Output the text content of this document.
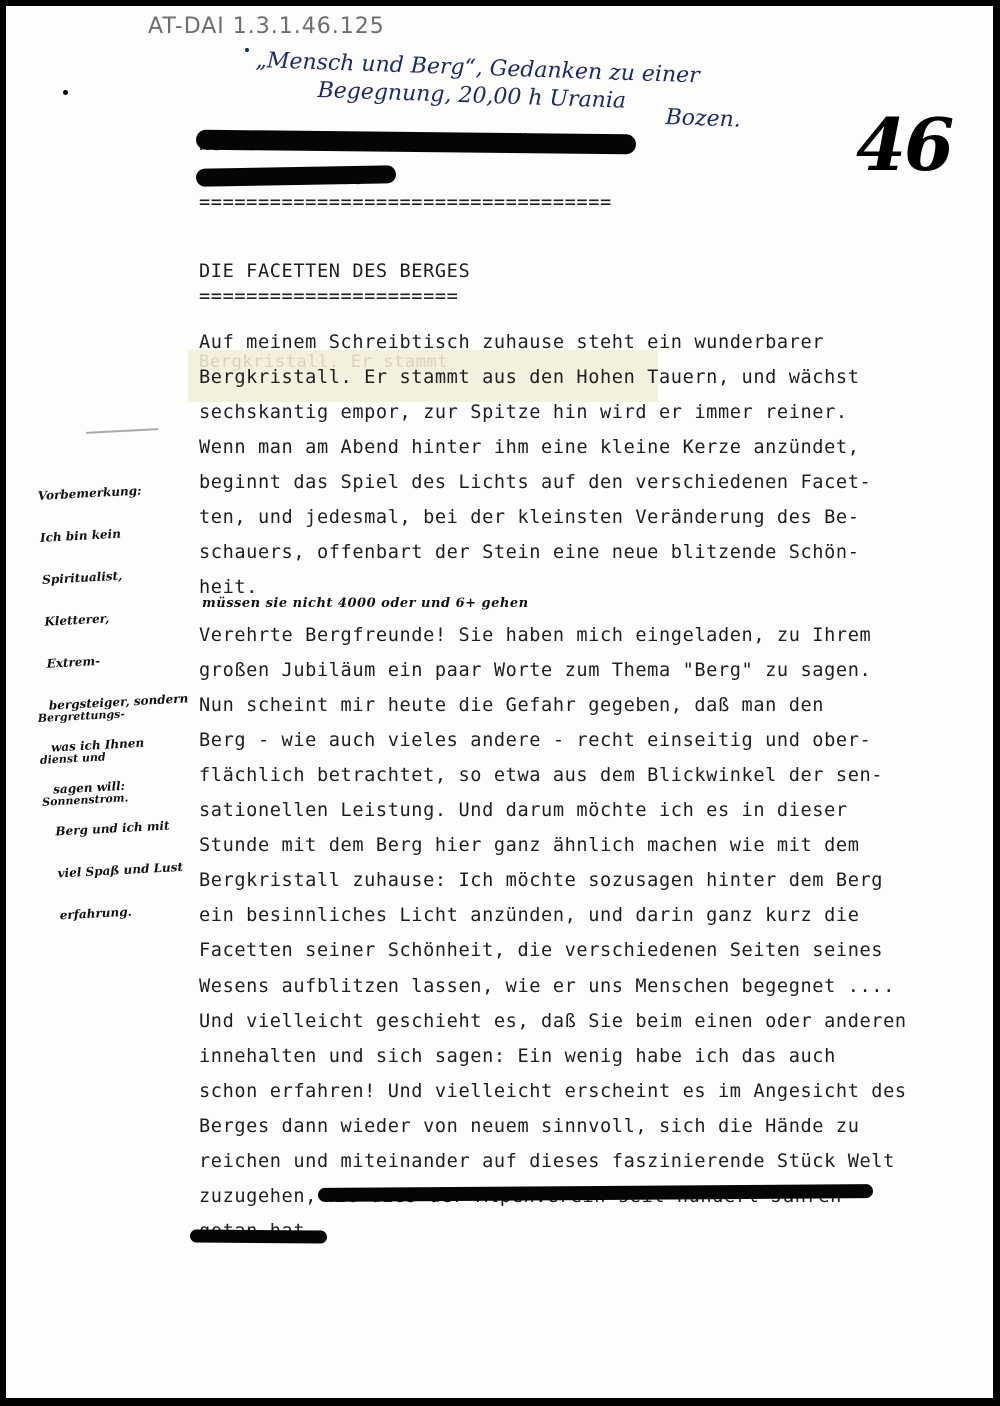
AT-DAI 1.3.1.46.125
„Mensch und Berg“, Gedanken zu einer
Begegnung, 20,00 h Urania
Bozen. 46
===================================
DIE FACETTEN DES BERGES
======================
Bergkristall. Er stammt
Auf meinem Schreibtisch zuhause steht ein wunderbarer
Bergkristall. Er stammt aus den Hohen Tauern, und wächst
sechskantig empor, zur Spitze hin wird er immer reiner.
Wenn man am Abend hinter ihm eine kleine Kerze anzündet,
beginnt das Spiel des Lichts auf den verschiedenen Facet-
ten, und jedesmal, bei der kleinsten Veränderung des Be-
schauers, offenbart der Stein eine neue blitzende Schön-
heit.
müssen sie nicht 4000 oder und 6+ gehen
Verehrte Bergfreunde! Sie haben mich eingeladen, zu Ihrem
großen Jubiläum ein paar Worte zum Thema "Berg" zu sagen.
Nun scheint mir heute die Gefahr gegeben, daß man den
Berg - wie auch vieles andere - recht einseitig und ober-
flächlich betrachtet, so etwa aus dem Blickwinkel der sen-
sationellen Leistung. Und darum möchte ich es in dieser
Stunde mit dem Berg hier ganz ähnlich machen wie mit dem
Bergkristall zuhause: Ich möchte sozusagen hinter dem Berg
ein besinnliches Licht anzünden, und darin ganz kurz die
Facetten seiner Schönheit, die verschiedenen Seiten seines
Wesens aufblitzen lassen, wie er uns Menschen begegnet ....
Und vielleicht geschieht es, daß Sie beim einen oder anderen
innehalten und sich sagen: Ein wenig habe ich das auch
schon erfahren! Und vielleicht erscheint es im Angesicht des
Berges dann wieder von neuem sinnvoll, sich die Hände zu
reichen und miteinander auf dieses faszinierende Stück Welt
zuzugehen,

Vorbemerkung:

Ich bin kein

Spiritualist,

Kletterer,

Extrem-

bergsteiger, sondern

was ich Ihnen

sagen will:

Berg und ich mit

viel Spaß und Lust

erfahrung.

Bergrettungs-

dienst und

Sonnenstrom.
